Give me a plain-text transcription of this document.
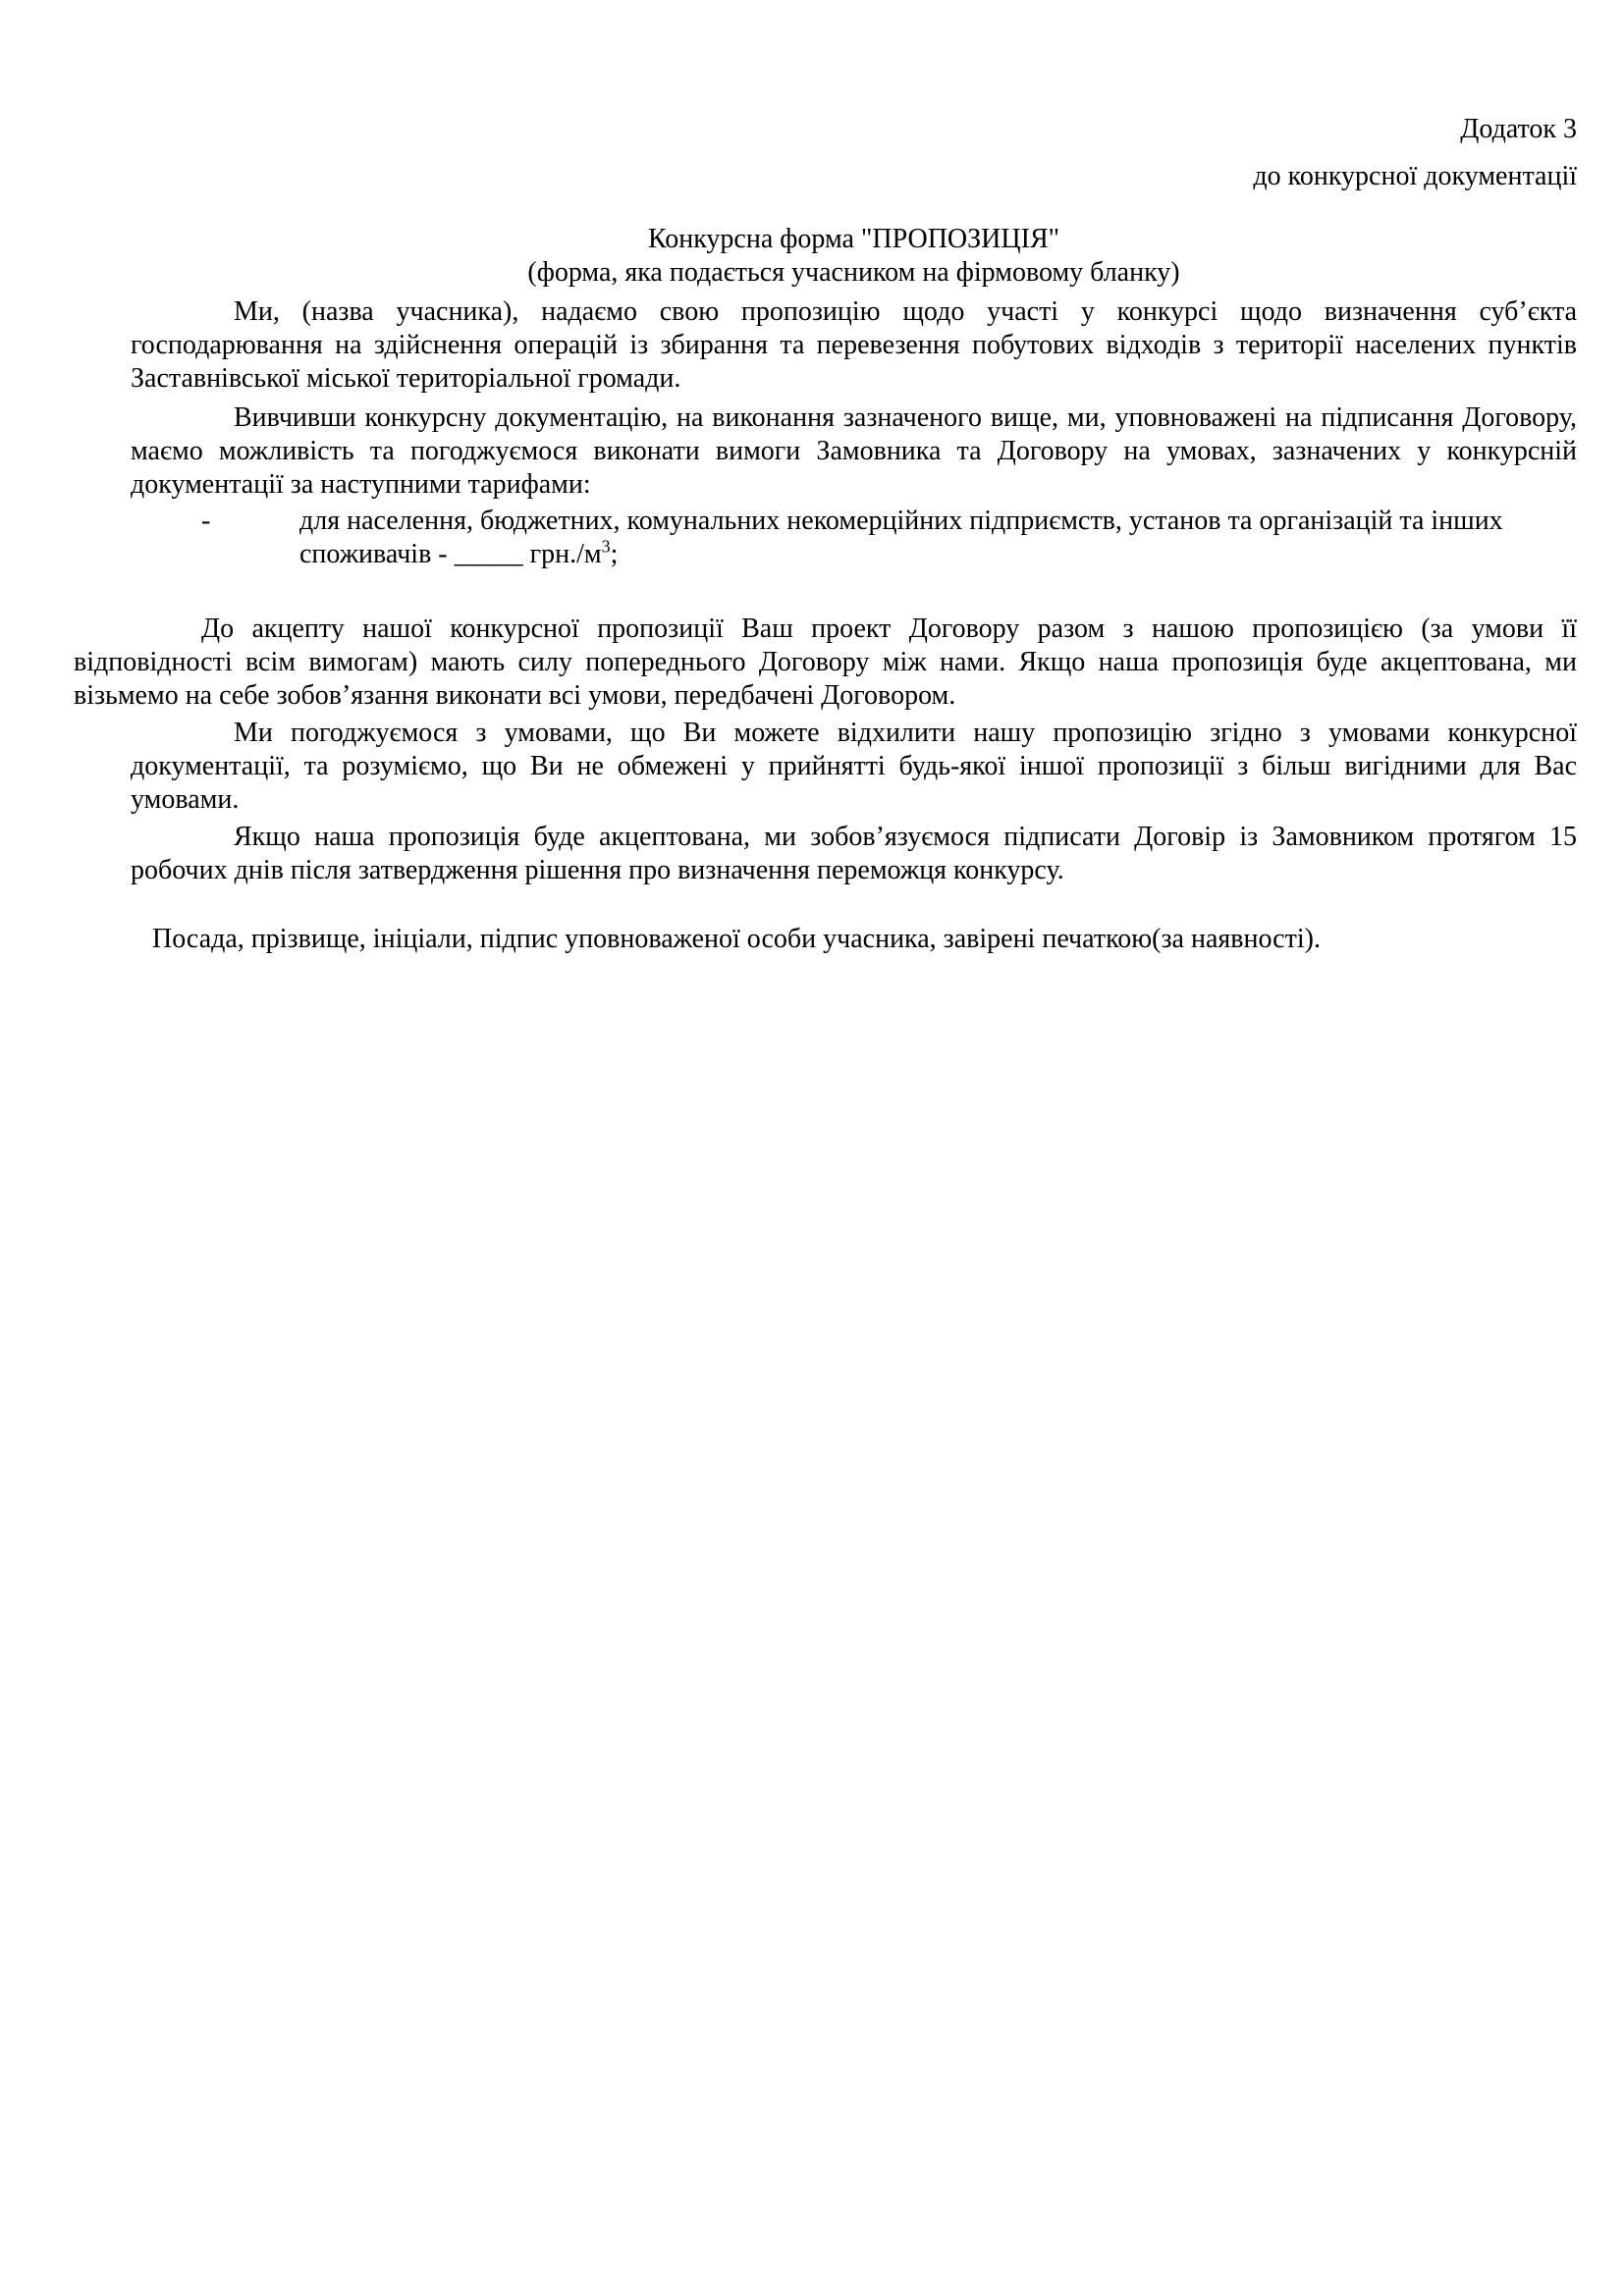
Додаток 3
до конкурсної документації
Конкурсна форма "ПРОПОЗИЦІЯ"
(форма, яка подається учасником на фірмовому бланку)
Ми, (назва учасника), надаємо свою пропозицію щодо участі у конкурсі щодо визначення суб’єкта господарювання на здійснення операцій із збирання та перевезення побутових відходів з території населених пунктів Заставнівської міської територіальної громади.
Вивчивши конкурсну документацію, на виконання зазначеного вище, ми, уповноважені на підписання Договору, маємо можливість та погоджуємося виконати вимоги Замовника та Договору на умовах, зазначених у конкурсній документації за наступними тарифами:
-	для населення, бюджетних, комунальних некомерційних підприємств, установ та організацій та інших споживачів - _____ $грн./м^3$;
До акцепту нашої конкурсної пропозиції Ваш проект Договору разом з нашою пропозицією (за умови її відповідності всім вимогам) мають силу попереднього Договору між нами. Якщо наша пропозиція буде акцептована, ми візьмемо на себе зобов’язання виконати всі умови, передбачені Договором.
Ми погоджуємося з умовами, що Ви можете відхилити нашу пропозицію згідно з умовами конкурсної документації, та розуміємо, що Ви не обмежені у прийнятті будь-якої іншої пропозиції з більш вигідними для Вас умовами.
Якщо наша пропозиція буде акцептована, ми зобов’язуємося підписати Договір із Замовником протягом 15 робочих днів після затвердження рішення про визначення переможця конкурсу.
Посада, прізвище, ініціали, підпис уповноваженої особи учасника, завірені печаткою(за наявності).
